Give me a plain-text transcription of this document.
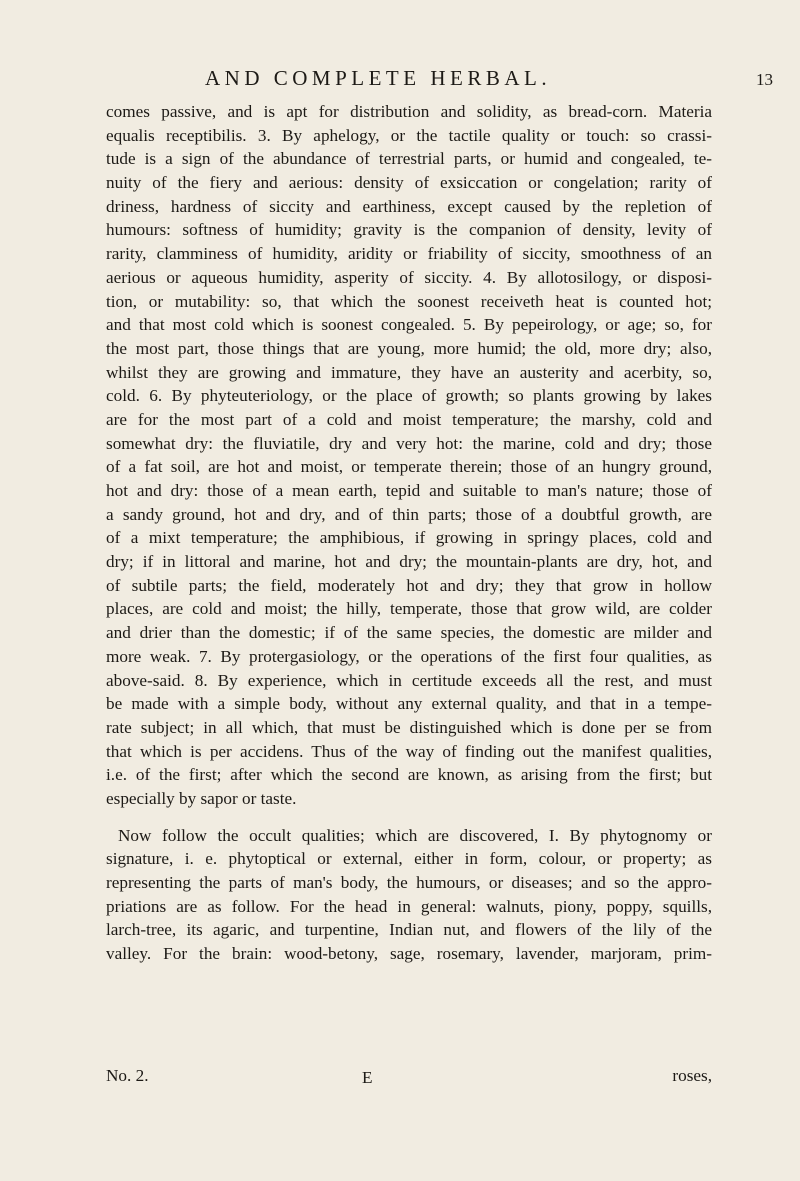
AND COMPLETE HERBAL.	13
comes passive, and is apt for distribution and solidity, as bread-corn. Materia
equalis receptibilis. 3. By aphelogy, or the tactile quality or touch: so crassi-
tude is a sign of the abundance of terrestrial parts, or humid and congealed, te-
nuity of the fiery and aerious: density of exsiccation or congelation; rarity of
driness, hardness of siccity and earthiness, except caused by the repletion of
humours: softness of humidity; gravity is the companion of density, levity of
rarity, clamminess of humidity, aridity or friability of siccity, smoothness of an
aerious or aqueous humidity, asperity of siccity. 4. By allotosilogy, or disposi-
tion, or mutability: so, that which the soonest receiveth heat is counted hot;
and that most cold which is soonest congealed. 5. By pepeirology, or age; so, for
the most part, those things that are young, more humid; the old, more dry; also,
whilst they are growing and immature, they have an austerity and acerbity, so,
cold. 6. By phyteuteriology, or the place of growth; so plants growing by lakes
are for the most part of a cold and moist temperature; the marshy, cold and
somewhat dry: the fluviatile, dry and very hot: the marine, cold and dry; those
of a fat soil, are hot and moist, or temperate therein; those of an hungry ground,
hot and dry: those of a mean earth, tepid and suitable to man's nature; those of
a sandy ground, hot and dry, and of thin parts; those of a doubtful growth, are
of a mixt temperature; the amphibious, if growing in springy places, cold and
dry; if in littoral and marine, hot and dry; the mountain-plants are dry, hot, and
of subtile parts; the field, moderately hot and dry; they that grow in hollow
places, are cold and moist; the hilly, temperate, those that grow wild, are colder
and drier than the domestic; if of the same species, the domestic are milder and
more weak. 7. By protergasiology, or the operations of the first four qualities, as
above-said. 8. By experience, which in certitude exceeds all the rest, and must
be made with a simple body, without any external quality, and that in a tempe-
rate subject; in all which, that must be distinguished which is done per se from
that which is per accidens. Thus of the way of finding out the manifest qualities,
i.e. of the first; after which the second are known, as arising from the first; but
especially by sapor or taste.
Now follow the occult qualities; which are discovered, I. By phytognomy or
signature, i. e. phytoptical or external, either in form, colour, or property; as
representing the parts of man's body, the humours, or diseases; and so the appro-
priations are as follow. For the head in general: walnuts, piony, poppy, squills,
larch-tree, its agaric, and turpentine, Indian nut, and flowers of the lily of the
valley. For the brain: wood-betony, sage, rosemary, lavender, marjoram, prim-
No. 2.	E	roses,
